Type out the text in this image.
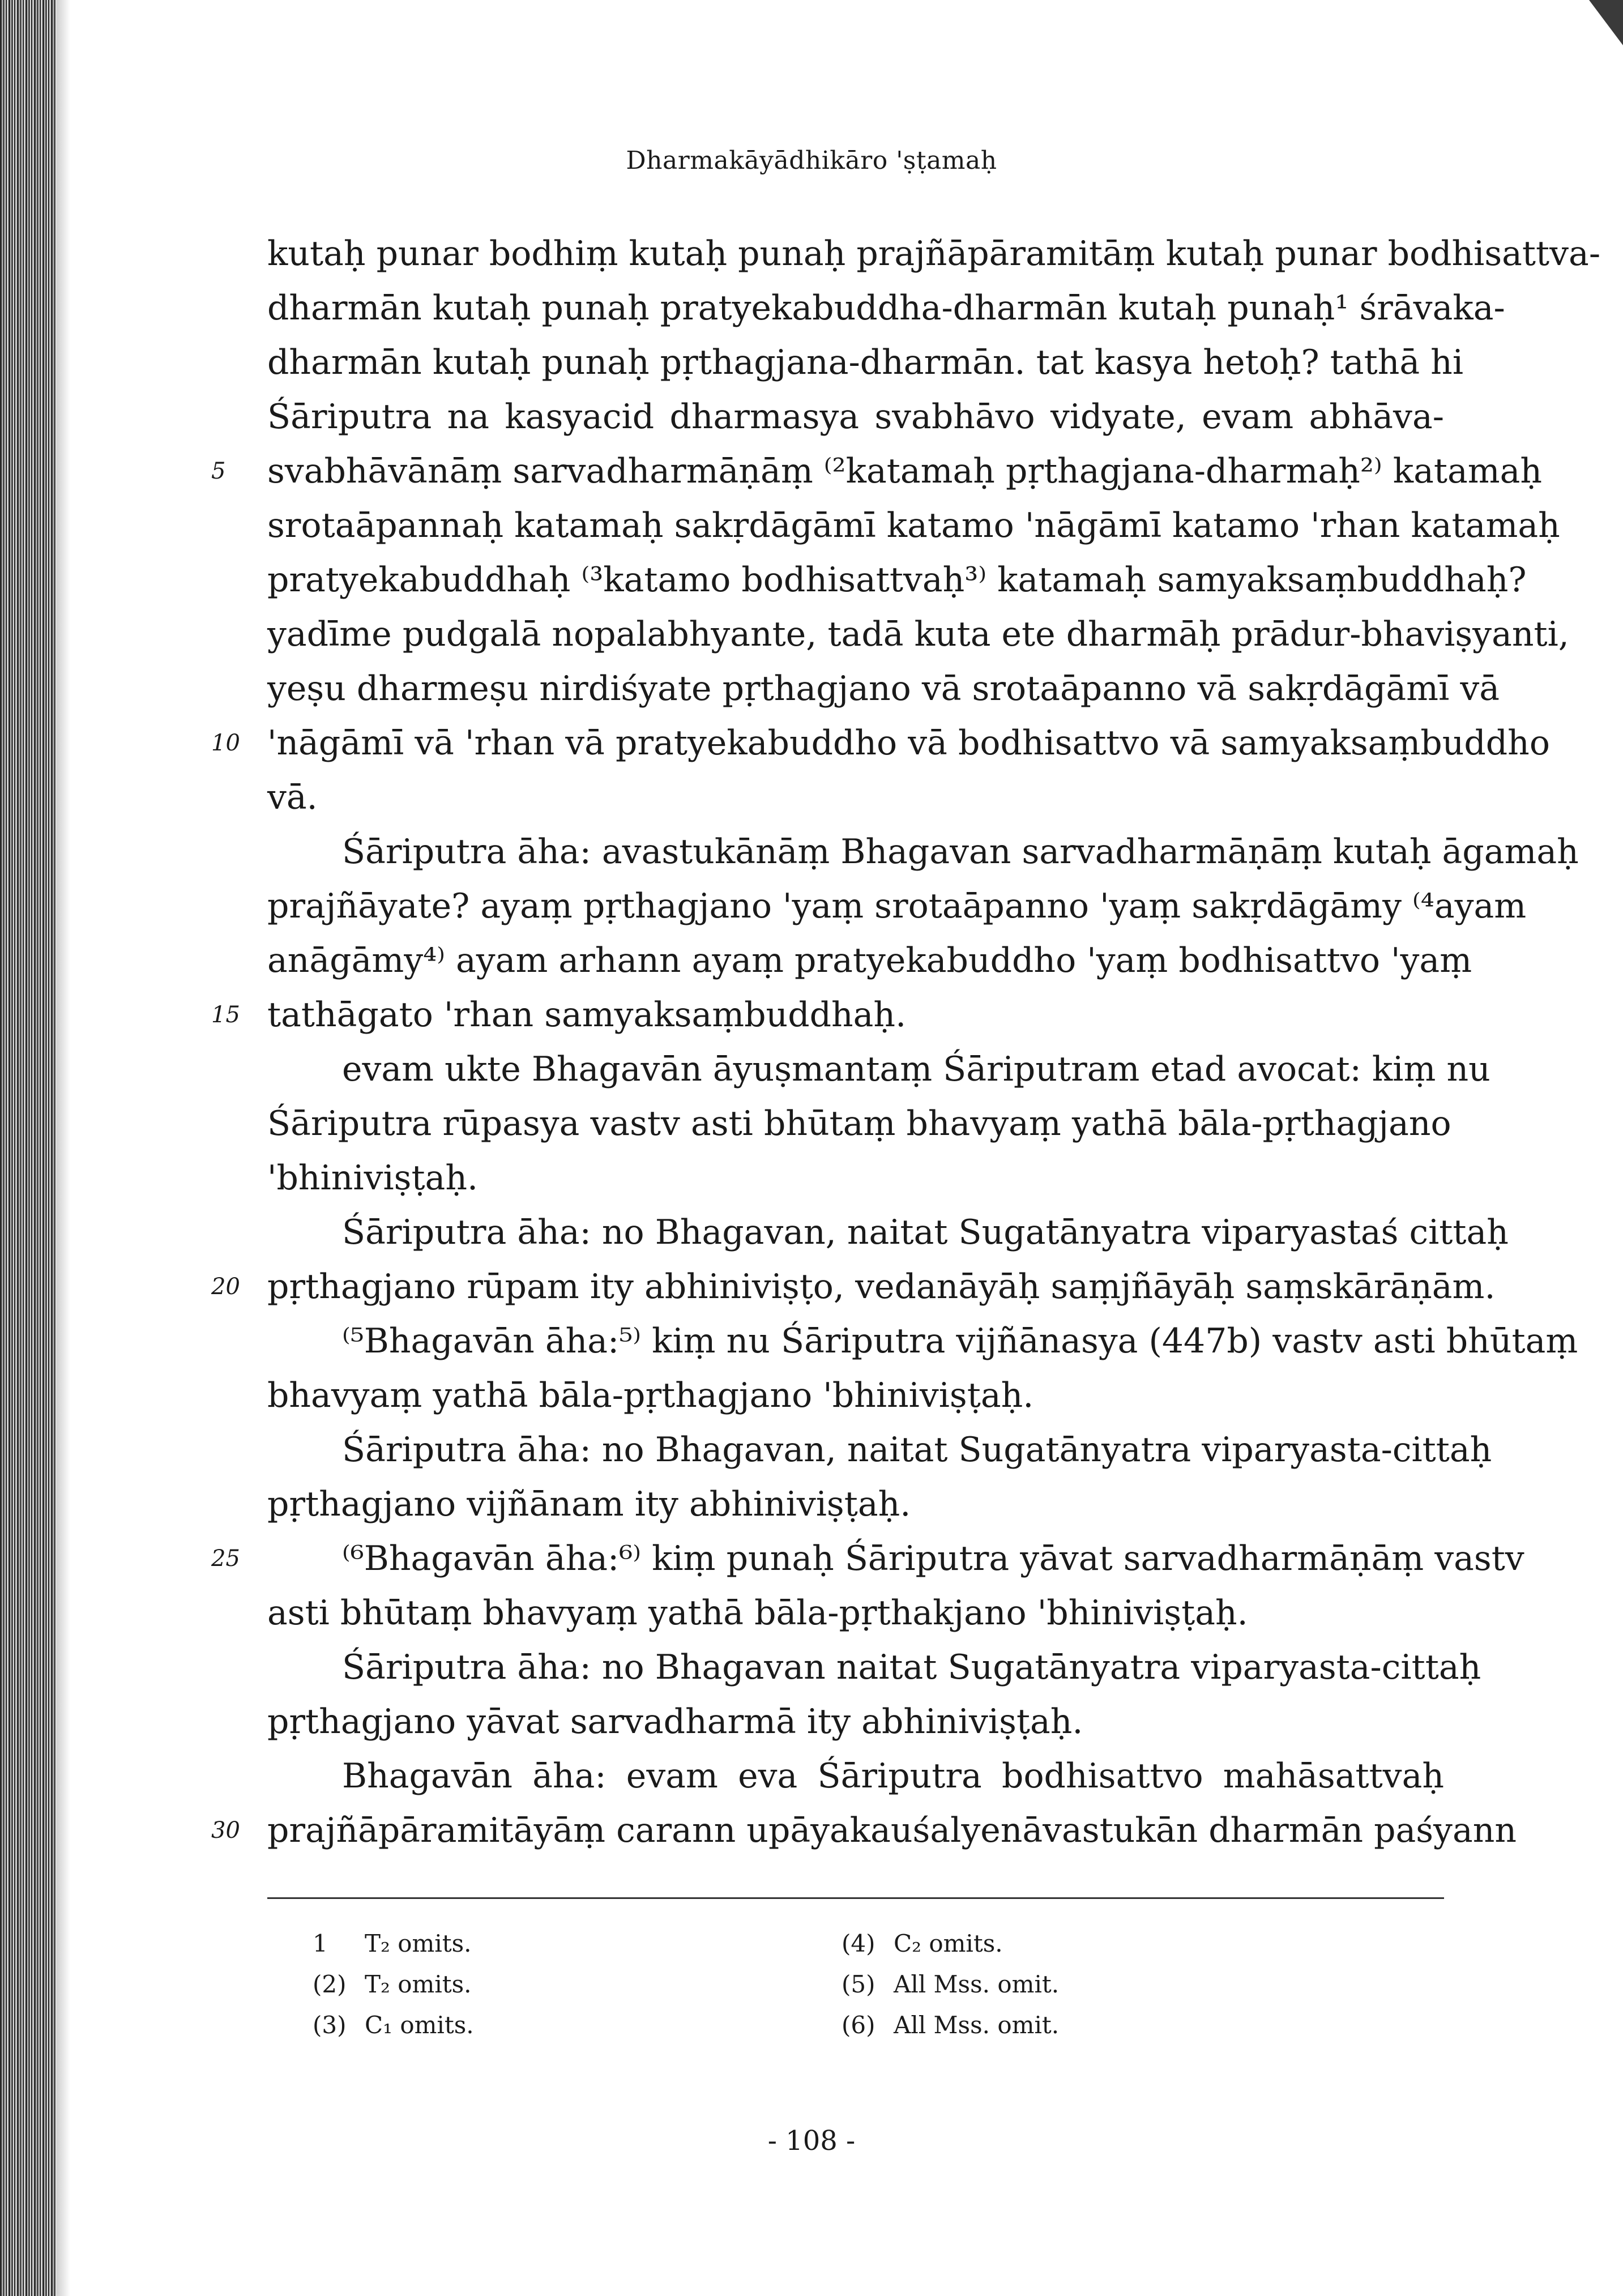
Dharmakāyādhikāro 'ṣṭamaḥ
kutaḥ punar bodhiṃ kutaḥ punaḥ prajñāpāramitāṃ kutaḥ punar bodhisattva-
dharmān kutaḥ punaḥ pratyekabuddha-dharmān kutaḥ punaḥ¹ śrāvaka-
dharmān kutaḥ punaḥ pṛthagjana-dharmān. tat kasya hetoḥ? tathā hi
Śāriputra na kasyacid dharmasya svabhāvo vidyate, evam abhāva-
svabhāvānāṃ sarvadharmāṇāṃ ⁽²katamaḥ pṛthagjana-dharmaḥ²⁾ katamaḥ
srotaāpannaḥ katamaḥ sakṛdāgāmī katamo 'nāgāmī katamo 'rhan katamaḥ
pratyekabuddhaḥ ⁽³katamo bodhisattvaḥ³⁾ katamaḥ samyaksaṃbuddhaḥ?
yadīme pudgalā nopalabhyante, tadā kuta ete dharmāḥ prādur-bhaviṣyanti,
yeṣu dharmeṣu nirdiśyate pṛthagjano vā srotaāpanno vā sakṛdāgāmī vā
'nāgāmī vā 'rhan vā pratyekabuddho vā bodhisattvo vā samyaksaṃbuddho
vā.
Śāriputra āha: avastukānāṃ Bhagavan sarvadharmāṇāṃ kutaḥ āgamaḥ
prajñāyate? ayaṃ pṛthagjano 'yaṃ srotaāpanno 'yaṃ sakṛdāgāmy ⁽⁴ayam
anāgāmy⁴⁾ ayam arhann ayaṃ pratyekabuddho 'yaṃ bodhisattvo 'yaṃ
tathāgato 'rhan samyaksaṃbuddhaḥ.
evam ukte Bhagavān āyuṣmantaṃ Śāriputram etad avocat: kiṃ nu
Śāriputra rūpasya vastv asti bhūtaṃ bhavyaṃ yathā bāla-pṛthagjano
'bhiniviṣṭaḥ.
Śāriputra āha: no Bhagavan, naitat Sugatānyatra viparyastaś cittaḥ
pṛthagjano rūpam ity abhiniviṣṭo, vedanāyāḥ saṃjñāyāḥ saṃskārāṇām.
⁽⁵Bhagavān āha:⁵⁾ kiṃ nu Śāriputra vijñānasya (447b) vastv asti bhūtaṃ
bhavyaṃ yathā bāla-pṛthagjano 'bhiniviṣṭaḥ.
Śāriputra āha: no Bhagavan, naitat Sugatānyatra viparyasta-cittaḥ
pṛthagjano vijñānam ity abhiniviṣṭaḥ.
⁽⁶Bhagavān āha:⁶⁾ kiṃ punaḥ Śāriputra yāvat sarvadharmāṇāṃ vastv
asti bhūtaṃ bhavyaṃ yathā bāla-pṛthakjano 'bhiniviṣṭaḥ.
Śāriputra āha: no Bhagavan naitat Sugatānyatra viparyasta-cittaḥ
pṛthagjano yāvat sarvadharmā ity abhiniviṣṭaḥ.
Bhagavān āha: evam eva Śāriputra bodhisattvo mahāsattvaḥ
prajñāpāramitāyāṃ carann upāyakauśalyenāvastukān dharmān paśyann
5
10
15
20
25
30
1 T₂ omits.
(2) T₂ omits.
(3) C₁ omits.
(4) C₂ omits.
(5) All Mss. omit.
(6) All Mss. omit.
- 108 -
